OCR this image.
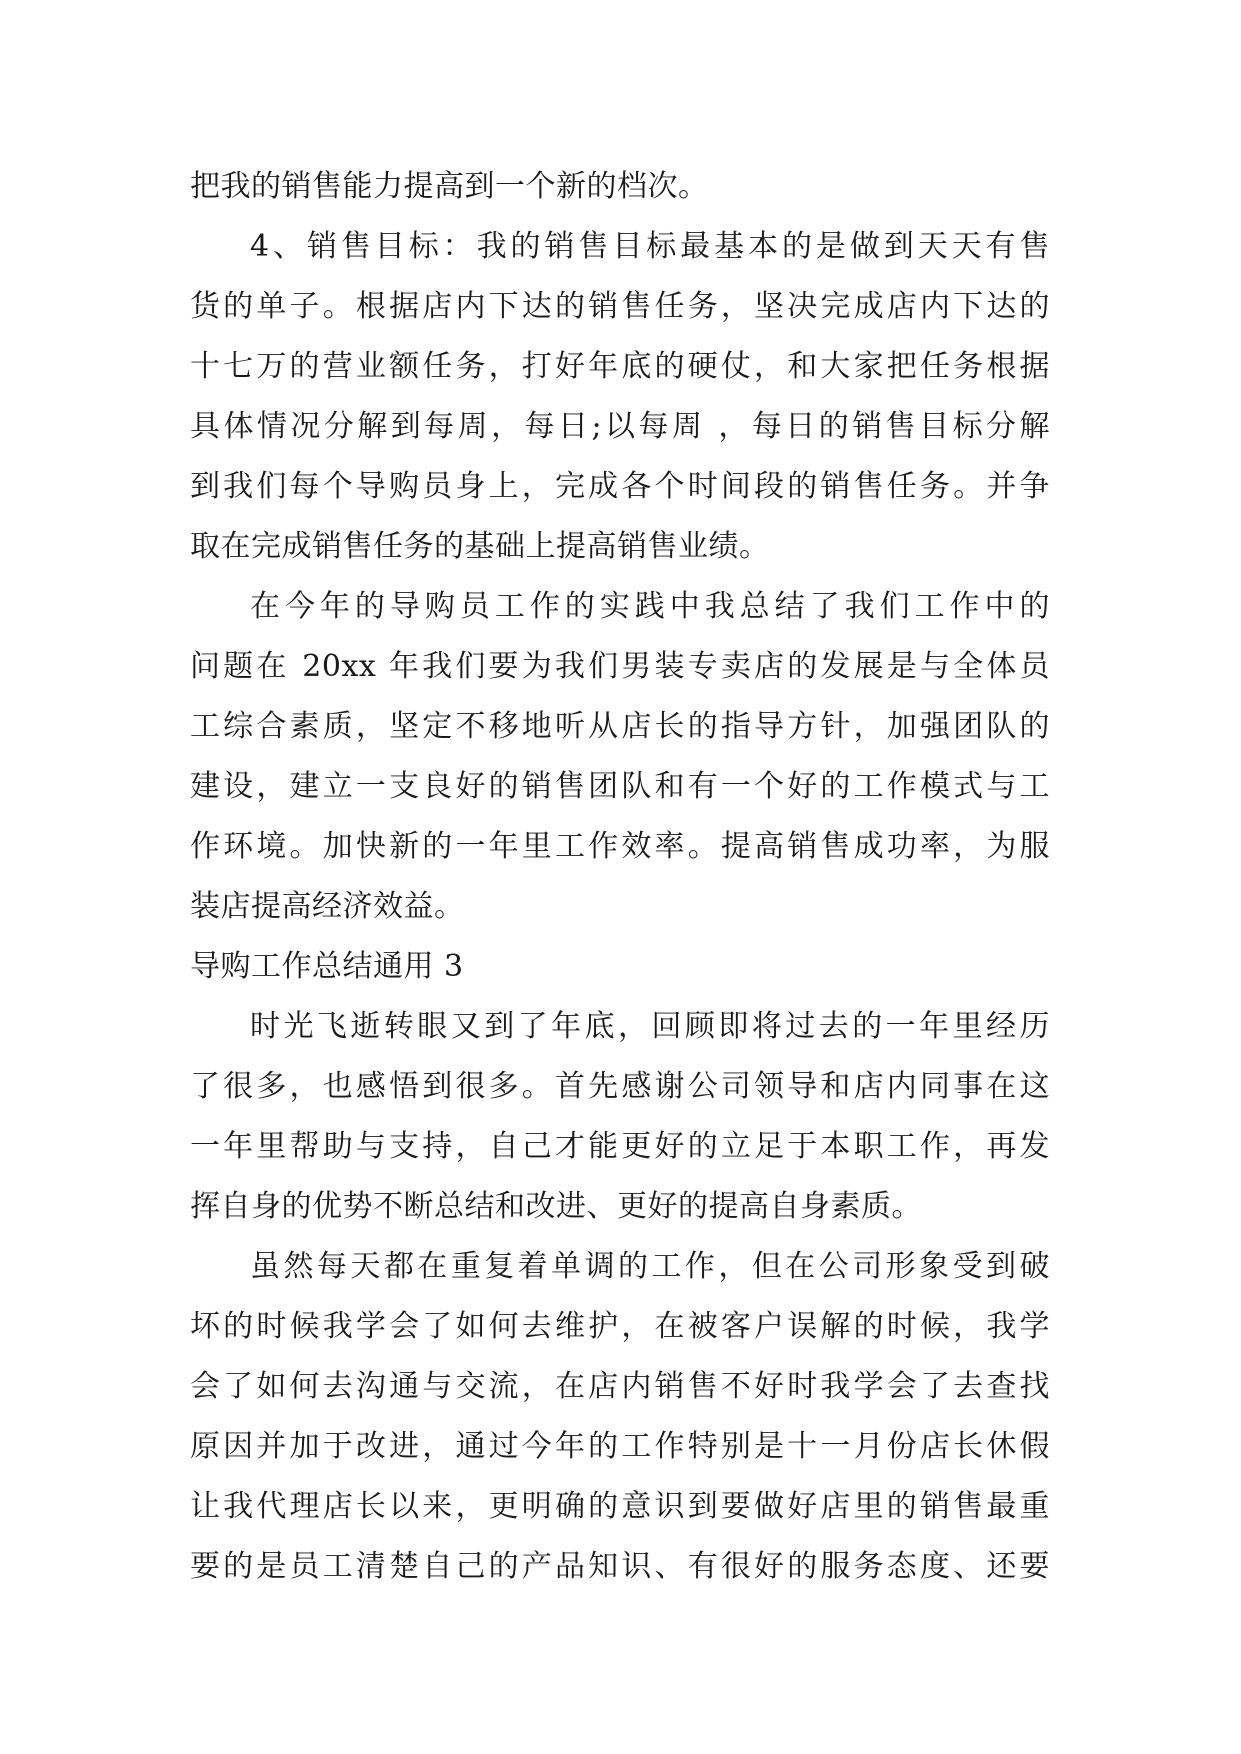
把我的销售能力提高到一个新的档次。
4、销售目标：我的销售目标最基本的是做到天天有售
货的单子。根据店内下达的销售任务，坚决完成店内下达的
十七万的营业额任务，打好年底的硬仗，和大家把任务根据
具体情况分解到每周，每日;以每周 ，每日的销售目标分解
到我们每个导购员身上，完成各个时间段的销售任务。并争
取在完成销售任务的基础上提高销售业绩。
在今年的导购员工作的实践中我总结了我们工作中的
问题在 20xx 年我们要为我们男装专卖店的发展是与全体员
工综合素质，坚定不移地听从店长的指导方针，加强团队的
建设，建立一支良好的销售团队和有一个好的工作模式与工
作环境。加快新的一年里工作效率。提高销售成功率，为服
装店提高经济效益。
导购工作总结通用 3
时光飞逝转眼又到了年底，回顾即将过去的一年里经历
了很多，也感悟到很多。首先感谢公司领导和店内同事在这
一年里帮助与支持，自己才能更好的立足于本职工作，再发
挥自身的优势不断总结和改进、更好的提高自身素质。
虽然每天都在重复着单调的工作，但在公司形象受到破
坏的时候我学会了如何去维护，在被客户误解的时候，我学
会了如何去沟通与交流，在店内销售不好时我学会了去查找
原因并加于改进，通过今年的工作特别是十一月份店长休假
让我代理店长以来，更明确的意识到要做好店里的销售最重
要的是员工清楚自己的产品知识、有很好的服务态度、还要
